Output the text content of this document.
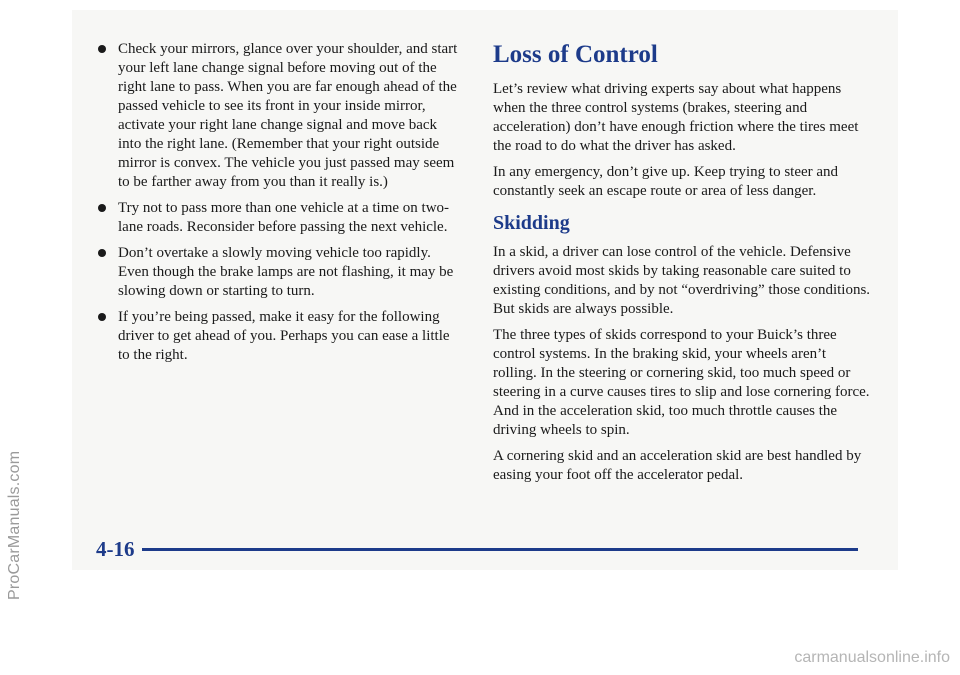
ProCarManuals.com
Check your mirrors, glance over your shoulder, and start your left lane change signal before moving out of the right lane to pass. When you are far enough ahead of the passed vehicle to see its front in your inside mirror, activate your right lane change signal and move back into the right lane. (Remember that your right outside mirror is convex. The vehicle you just passed may seem to be farther away from you than it really is.)
Try not to pass more than one vehicle at a time on two-lane roads. Reconsider before passing the next vehicle.
Don’t overtake a slowly moving vehicle too rapidly. Even though the brake lamps are not flashing, it may be slowing down or starting to turn.
If you’re being passed, make it easy for the following driver to get ahead of you. Perhaps you can ease a little to the right.
Loss of Control

Let’s review what driving experts say about what happens when the three control systems (brakes, steering and acceleration) don’t have enough friction where the tires meet the road to do what the driver has asked.

In any emergency, don’t give up. Keep trying to steer and constantly seek an escape route or area of less danger.

Skidding

In a skid, a driver can lose control of the vehicle. Defensive drivers avoid most skids by taking reasonable care suited to existing conditions, and by not “overdriving” those conditions. But skids are always possible.

The three types of skids correspond to your Buick’s three control systems. In the braking skid, your wheels aren’t rolling. In the steering or cornering skid, too much speed or steering in a curve causes tires to slip and lose cornering force. And in the acceleration skid, too much throttle causes the driving wheels to spin.

A cornering skid and an acceleration skid are best handled by easing your foot off the accelerator pedal.

4-16
carmanualsonline.info
